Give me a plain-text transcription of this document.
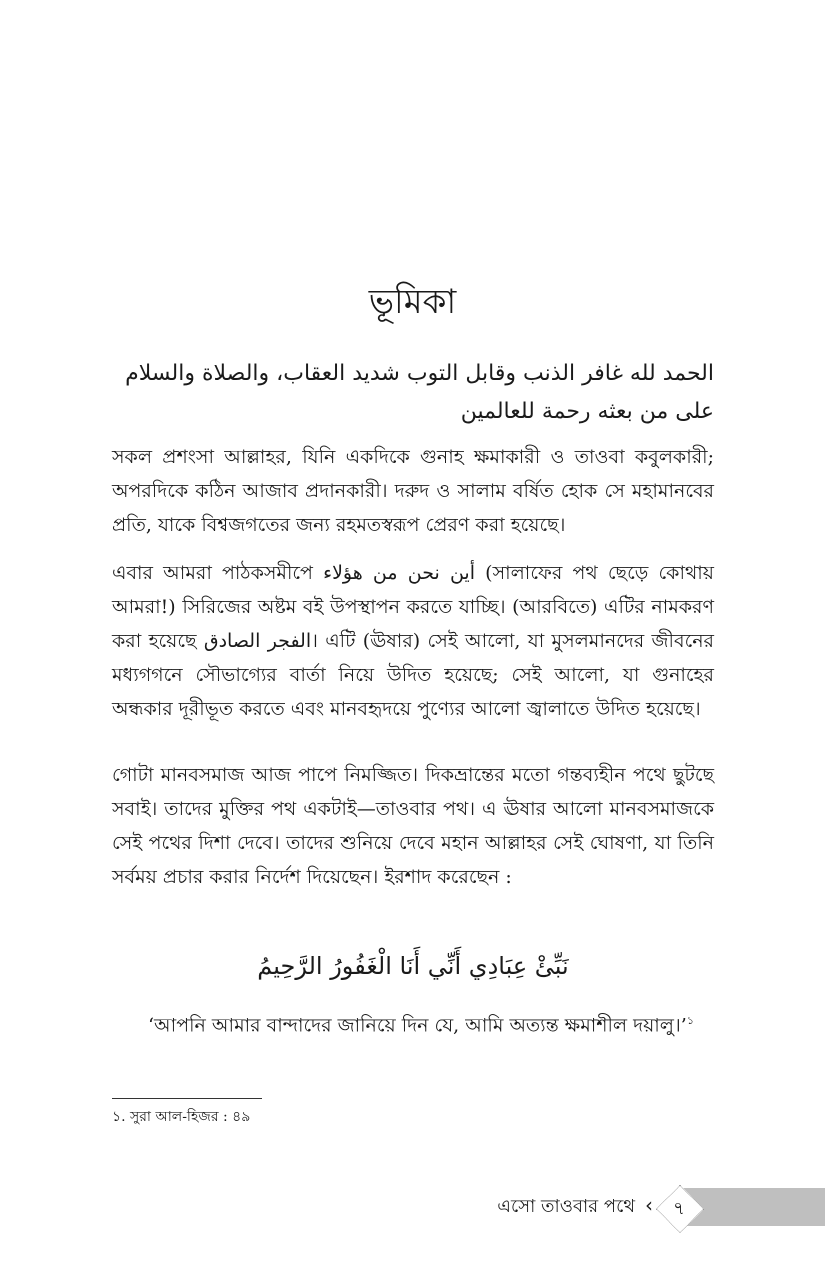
ভূমিকা
الحمد لله غافر الذنب وقابل التوب شديد العقاب، والصلاة والسلام على من بعثه رحمة للعالمين
সকল প্রশংসা আল্লাহর, যিনি একদিকে গুনাহ ক্ষমাকারী ও তাওবা কবুলকারী; অপরদিকে কঠিন আজাব প্রদানকারী। দরুদ ও সালাম বর্ষিত হোক সে মহামানবের প্রতি, যাকে বিশ্বজগতের জন্য রহমতস্বরূপ প্রেরণ করা হয়েছে।
এবার আমরা পাঠকসমীপে أين نحن من هؤلاء (সালাফের পথ ছেড়ে কোথায় আমরা!) সিরিজের অষ্টম বই উপস্থাপন করতে যাচ্ছি। (আরবিতে) এটির নামকরণ করা হয়েছে الفجر الصادق। এটি (ঊষার) সেই আলো, যা মুসলমানদের জীবনের মধ্যগগনে সৌভাগ্যের বার্তা নিয়ে উদিত হয়েছে; সেই আলো, যা গুনাহের অন্ধকার দূরীভূত করতে এবং মানবহৃদয়ে পুণ্যের আলো জ্বালাতে উদিত হয়েছে।
গোটা মানবসমাজ আজ পাপে নিমজ্জিত। দিকভ্রান্তের মতো গন্তব্যহীন পথে ছুটছে সবাই। তাদের মুক্তির পথ একটাই—তাওবার পথ। এ ঊষার আলো মানবসমাজকে সেই পথের দিশা দেবে। তাদের শুনিয়ে দেবে মহান আল্লাহর সেই ঘোষণা, যা তিনি সর্বময় প্রচার করার নির্দেশ দিয়েছেন। ইরশাদ করেছেন :
نَبِّئْ عِبَادِي أَنِّي أَنَا الْغَفُورُ الرَّحِيمُ
‘আপনি আমার বান্দাদের জানিয়ে দিন যে, আমি অত্যন্ত ক্ষমাশীল দয়ালু।’$^১$
১. সুরা আল-হিজর : ৪৯
এসো তাওবার পথে ‹	৭
